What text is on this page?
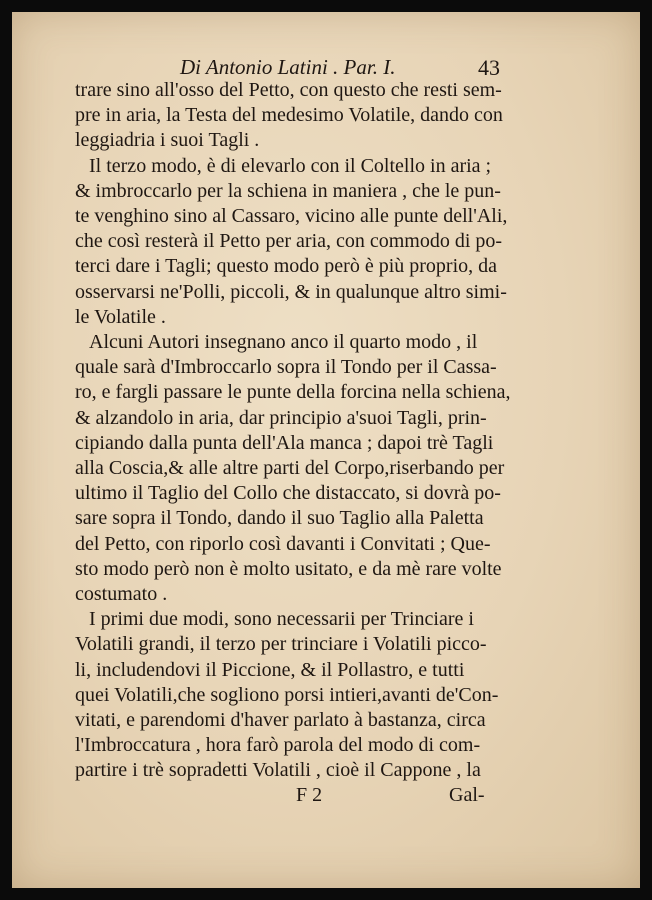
Di Antonio Latini . Par. I.	43
trare sino all'osso del Petto, con questo che resti sem-
pre in aria, la Testa del medesimo Volatile, dando con
leggiadria i suoi Tagli .
Il terzo modo, è di elevarlo con il Coltello in aria ;
& imbroccarlo per la schiena in maniera , che le pun-
te venghino sino al Cassaro, vicino alle punte dell'Ali,
che così resterà il Petto per aria, con commodo di po-
terci dare i Tagli; questo modo però è più proprio, da
osservarsi ne'Polli, piccoli, & in qualunque altro simi-
le Volatile .
Alcuni Autori insegnano anco il quarto modo , il
quale sarà d'Imbroccarlo sopra il Tondo per il Cassa-
ro, e fargli passare le punte della forcina nella schiena,
& alzandolo in aria, dar principio a'suoi Tagli, prin-
cipiando dalla punta dell'Ala manca ; dapoi trè Tagli
alla Coscia,& alle altre parti del Corpo,riserbando per
ultimo il Taglio del Collo che distaccato, si dovrà po-
sare sopra il Tondo, dando il suo Taglio alla Paletta
del Petto, con riporlo così davanti i Convitati ; Que-
sto modo però non è molto usitato, e da mè rare volte
costumato .
I primi due modi, sono necessarii per Trinciare i
Volatili grandi, il terzo per trinciare i Volatili picco-
li, includendovi il Piccione, & il Pollastro, e tutti
quei Volatili,che sogliono porsi intieri,avanti de'Con-
vitati, e parendomi d'haver parlato à bastanza, circa
l'Imbroccatura , hora farò parola del modo di com-
partire i trè sopradetti Volatili , cioè il Cappone , la
F 2	Gal-
